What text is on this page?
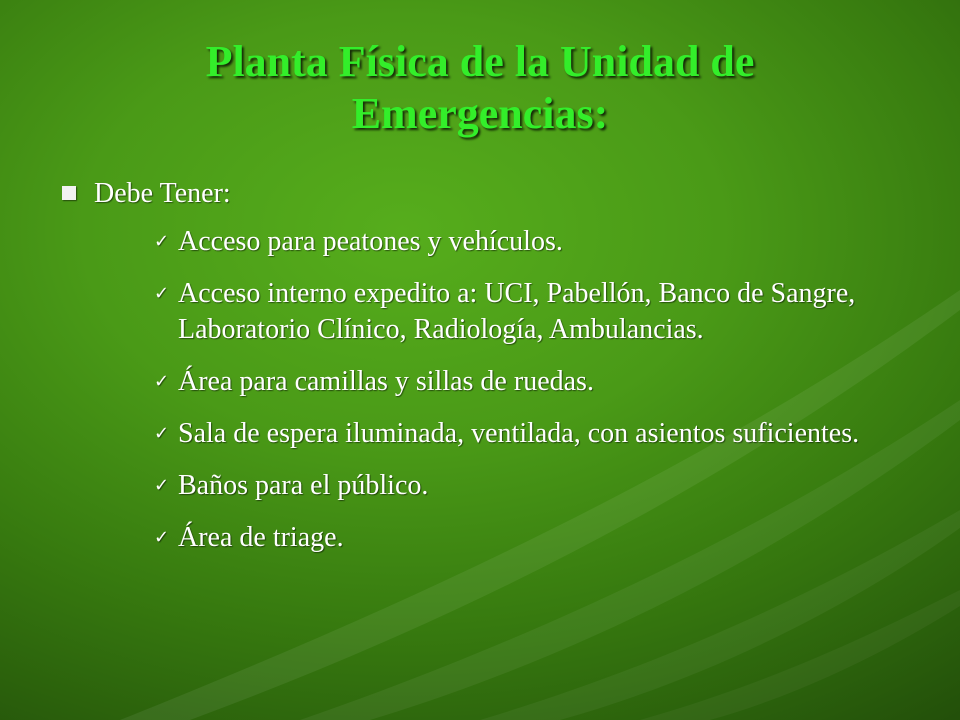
Planta Física de la Unidad de Emergencias:
Debe Tener:
✓ Acceso para peatones y vehículos.
✓ Acceso interno expedito a: UCI, Pabellón, Banco de Sangre, Laboratorio Clínico, Radiología, Ambulancias.
✓ Área para camillas y sillas de ruedas.
✓ Sala de espera iluminada, ventilada, con asientos suficientes.
✓ Baños para el público.
✓ Área de triage.
